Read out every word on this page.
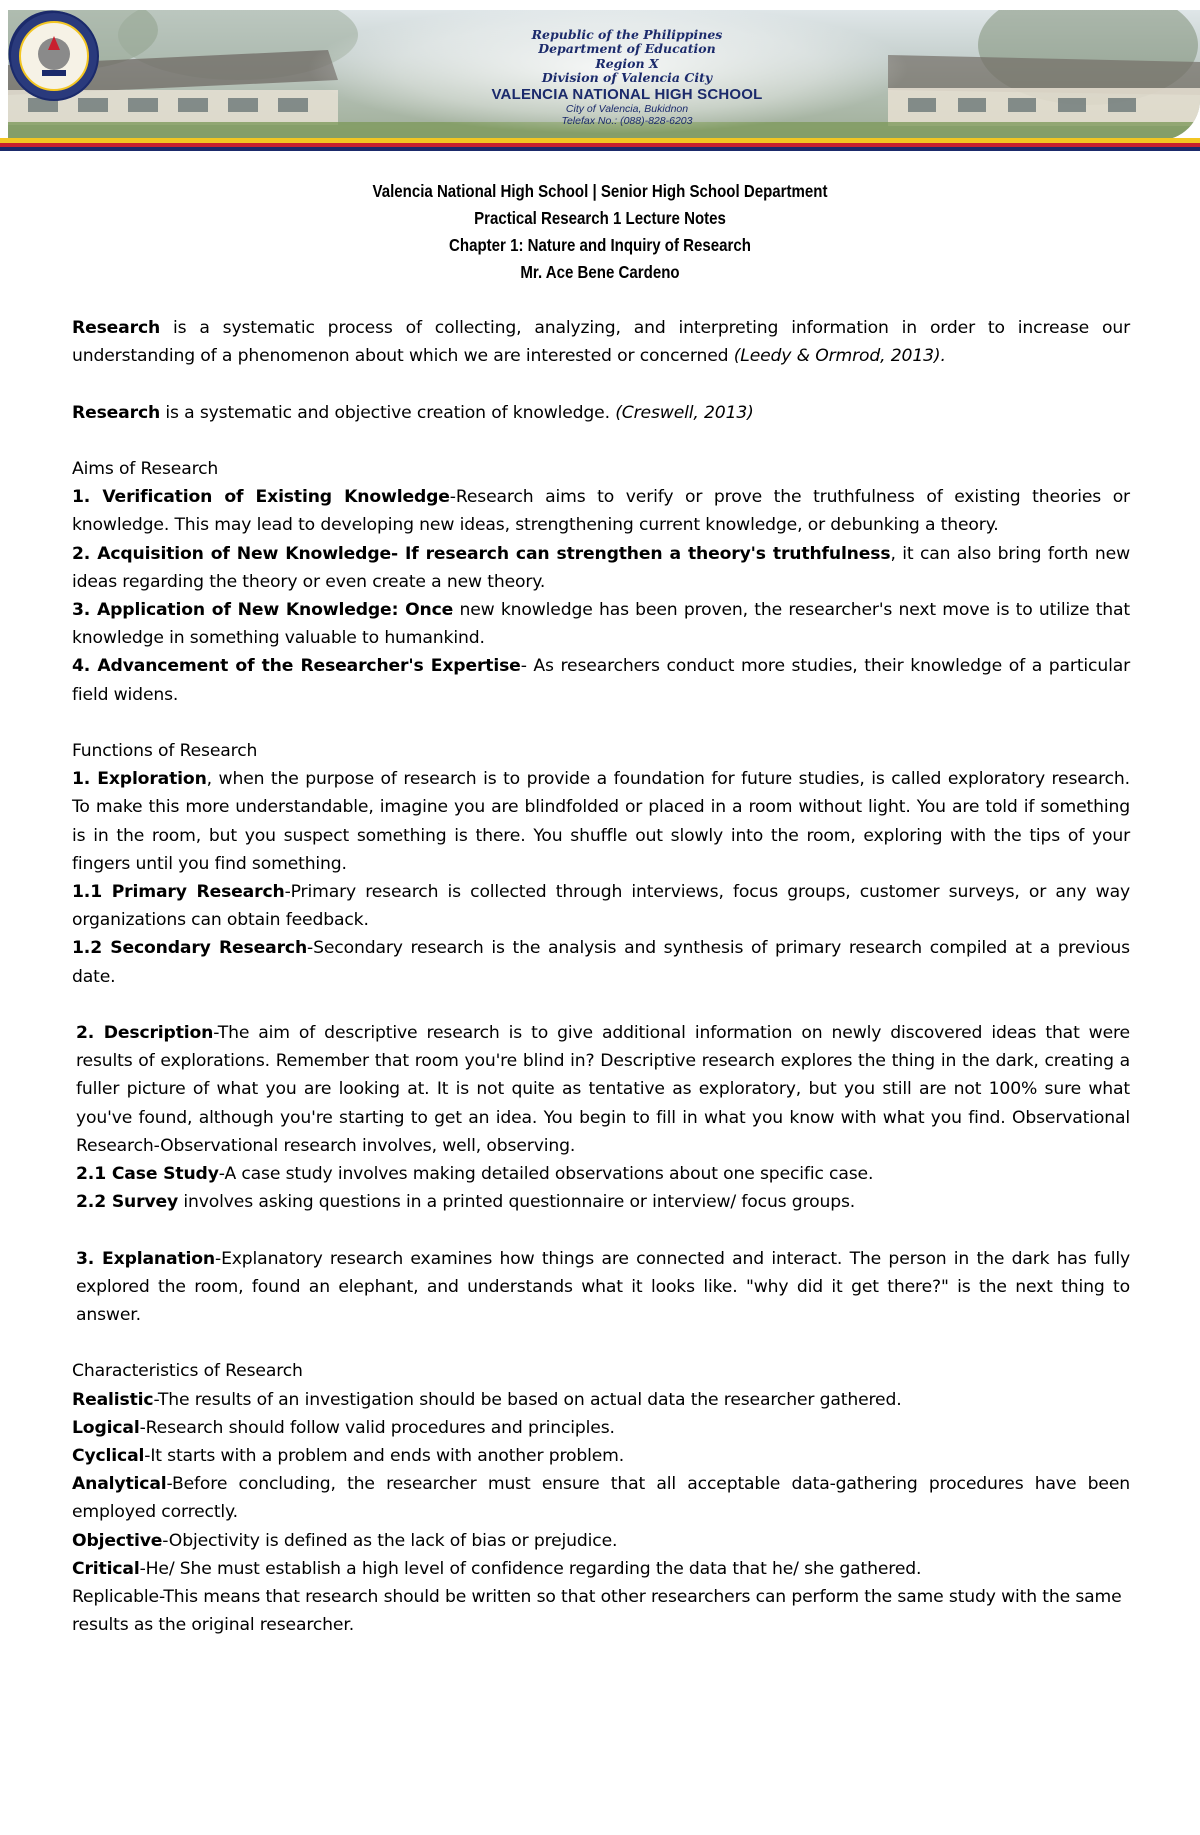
Republic of the Philippines
Department of Education
Region X
Division of Valencia City
VALENCIA NATIONAL HIGH SCHOOL
City of Valencia, Bukidnon
Telefax No.: (088)-828-6203
Valencia National High School | Senior High School Department
Practical Research 1 Lecture Notes
Chapter 1: Nature and Inquiry of Research
Mr. Ace Bene Cardeno

Research is a systematic process of collecting, analyzing, and interpreting information in order to increase our understanding of a phenomenon about which we are interested or concerned (Leedy & Ormrod, 2013).

Research is a systematic and objective creation of knowledge. (Creswell, 2013)

Aims of Research

1. Verification of Existing Knowledge-Research aims to verify or prove the truthfulness of existing theories or knowledge. This may lead to developing new ideas, strengthening current knowledge, or debunking a theory.

2. Acquisition of New Knowledge- If research can strengthen a theory's truthfulness, it can also bring forth new ideas regarding the theory or even create a new theory.

3. Application of New Knowledge: Once new knowledge has been proven, the researcher's next move is to utilize that knowledge in something valuable to humankind.

4. Advancement of the Researcher's Expertise- As researchers conduct more studies, their knowledge of a particular field widens.

Functions of Research

1. Exploration, when the purpose of research is to provide a foundation for future studies, is called exploratory research. To make this more understandable, imagine you are blindfolded or placed in a room without light. You are told if something is in the room, but you suspect something is there. You shuffle out slowly into the room, exploring with the tips of your fingers until you find something.

1.1 Primary Research-Primary research is collected through interviews, focus groups, customer surveys, or any way organizations can obtain feedback.

1.2 Secondary Research-Secondary research is the analysis and synthesis of primary research compiled at a previous date.

2. Description-The aim of descriptive research is to give additional information on newly discovered ideas that were results of explorations. Remember that room you're blind in? Descriptive research explores the thing in the dark, creating a fuller picture of what you are looking at. It is not quite as tentative as exploratory, but you still are not 100% sure what you've found, although you're starting to get an idea. You begin to fill in what you know with what you find. Observational Research-Observational research involves, well, observing.

2.1 Case Study-A case study involves making detailed observations about one specific case.

2.2 Survey involves asking questions in a printed questionnaire or interview/ focus groups.

3. Explanation-Explanatory research examines how things are connected and interact. The person in the dark has fully explored the room, found an elephant, and understands what it looks like. "why did it get there?" is the next thing to answer.

Characteristics of Research

Realistic-The results of an investigation should be based on actual data the researcher gathered.

Logical-Research should follow valid procedures and principles.

Cyclical-It starts with a problem and ends with another problem.

Analytical-Before concluding, the researcher must ensure that all acceptable data-gathering procedures have been employed correctly.

Objective-Objectivity is defined as the lack of bias or prejudice.

Critical-He/ She must establish a high level of confidence regarding the data that he/ she gathered.

Replicable-This means that research should be written so that other researchers can perform the same study with the same results as the original researcher.
